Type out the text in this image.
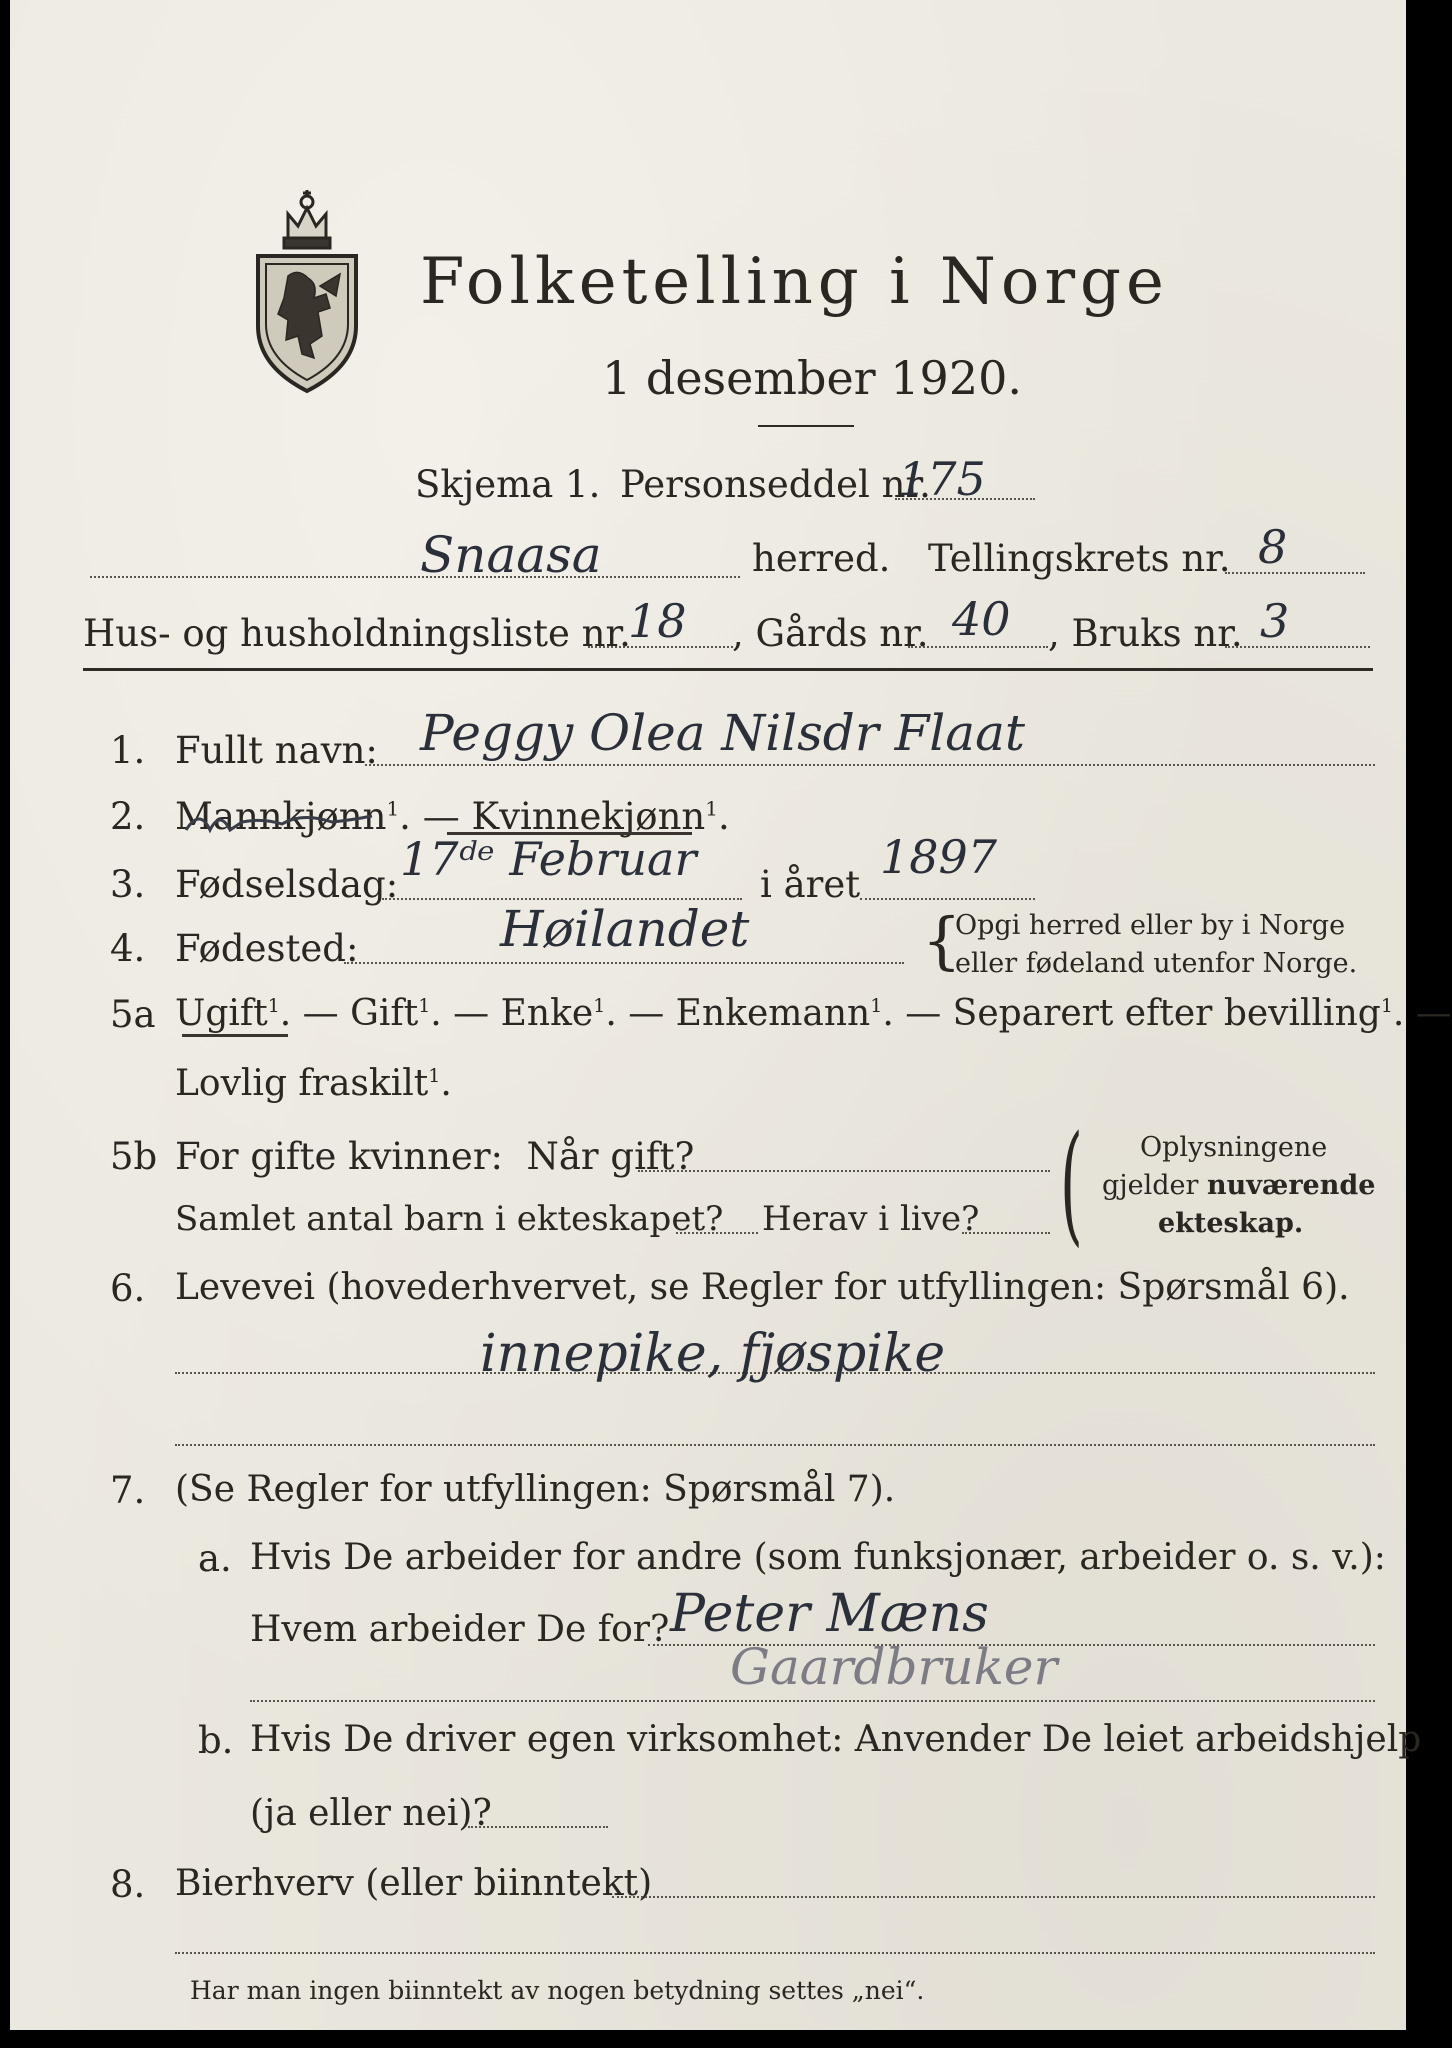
Folketelling i Norge
1 desember 1920.
Skjema 1. Personseddel nr.
175
Snaasa	herred. Tellingskrets nr. 8
Hus- og husholdningsliste nr.
18 , Gårds nr. 40 , Bruks nr. 3
1. Fullt navn: Peggy Olea Nilsdr Flaat
2. Mannkjønn$^1$. — Kvinnekjønn$^1$.
3. Fødselsdag: 17ᵈᵉ Februar i året
1897
4. Fødested:	Høilandet	{
Opgi herred eller by i Norge
eller fødeland utenfor Norge.
5a Ugift$^1$. — Gift$^1$. — Enke$^1$. — Enkemann$^1$. — Separert efter bevilling$^1$. —
Lovlig fraskilt$^1$.
5b For gifte kvinner:  Når gift?
Samlet antal barn i ekteskapet? Herav i live? ( Oplysningene
gjelder nuværende
ekteskap.
6. Levevei (hovederhvervet, se Regler for utfyllingen: Spørsmål 6).
innepike, fjøspike
7. (Se Regler for utfyllingen: Spørsmål 7).
a. Hvis De arbeider for andre (som funksjonær, arbeider o. s. v.):
Hvem arbeider De for? Peter Mæns
Gaardbruker
b. Hvis De driver egen virksomhet: Anvender De leiet arbeidshjelp
(ja eller nei)?
8. Bierhverv (eller biinntekt)
Har man ingen biinntekt av nogen betydning settes „nei“.
